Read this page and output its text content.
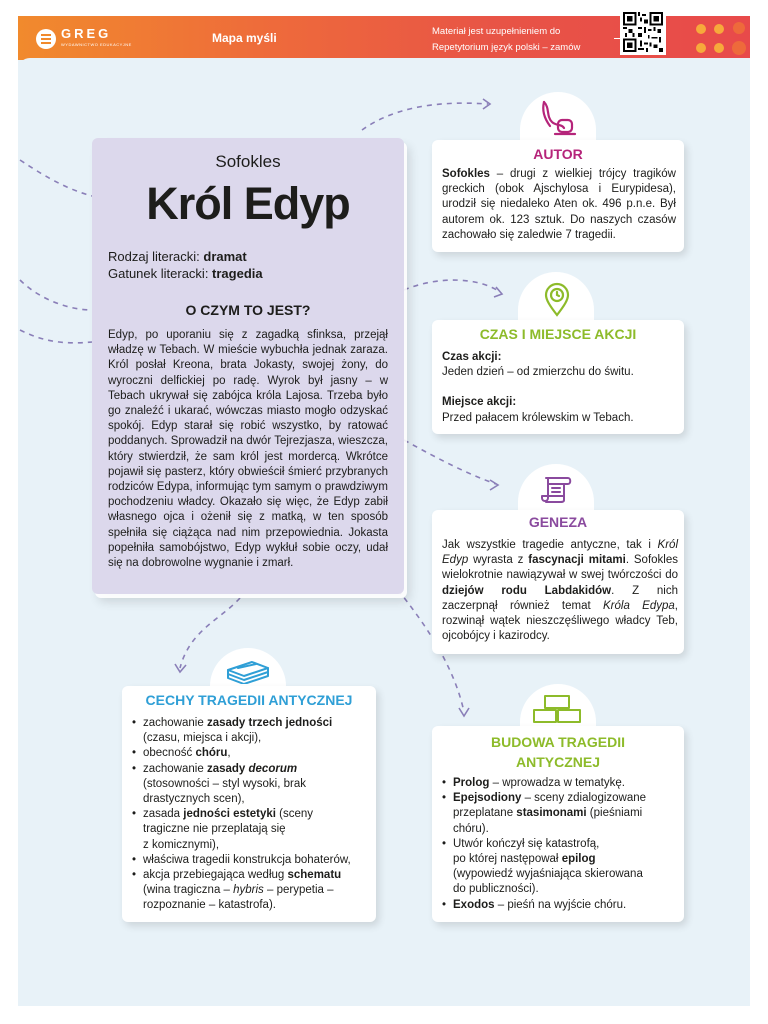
GREG
WYDAWNICTWO EDUKACYJNE	Mapa myśli	Materiał jest uzupełnieniem do
Repetytorium język polski – zamów
Sofokles
Król Edyp
Rodzaj literacki: dramat
Gatunek literacki: tragedia
O CZYM TO JEST?
Edyp, po uporaniu się z zagadką sfinksa, przejął władzę w Tebach. W mieście wybuchła jednak zaraza. Król posłał Kreona, brata Jokasty, swojej żony, do wyroczni delfickiej po radę. Wyrok był jasny – w Tebach ukrywał się zabójca króla Lajosa. Trzeba było go znaleźć i ukarać, wówczas miasto mogło odzyskać spokój. Edyp starał się robić wszystko, by ratować poddanych. Sprowadził na dwór Tejrezjasza, wieszcza, który stwierdził, że sam król jest mordercą. Wkrótce pojawił się pasterz, który obwieścił śmierć przybranych rodziców Edypa, informując tym samym o prawdziwym pochodzeniu władcy. Okazało się więc, że Edyp zabił własnego ojca i ożenił się z matką, w ten sposób spełniła się ciążąca nad nim przepowiednia. Jokasta popełniła samobójstwo, Edyp wykłuł sobie oczy, udał się na dobrowolne wygnanie i zmarł.
AUTOR
Sofokles – drugi z wielkiej trójcy tragików greckich (obok Ajschylosa i Eurypidesa), urodził się niedaleko Aten ok. 496 p.n.e. Był autorem ok. 123 sztuk. Do naszych czasów zachowało się zaledwie 7 tragedii.
CZAS I MIEJSCE AKCJI
Czas akcji:
Jeden dzień – od zmierzchu do świtu.
Miejsce akcji:
Przed pałacem królewskim w Tebach.
GENEZA
Jak wszystkie tragedie antyczne, tak i Król Edyp wyrasta z fascynacji mitami. Sofokles wielokrotnie nawiązywał w swej twórczości do dziejów rodu Labdakidów. Z nich zaczerpnął również temat Króla Edypa, rozwinął wątek nieszczęśliwego władcy Teb, ojcobójcy i kazirodcy.
CECHY TRAGEDII ANTYCZNEJ
• zachowanie zasady trzech jedności
(czasu, miejsca i akcji),
• obecność chóru,
• zachowanie zasady decorum
(stosowności – styl wysoki, brak drastycznych scen),
• zasada jedności estetyki (sceny
tragiczne nie przeplatają się
z komicznymi),
• właściwa tragedii konstrukcja bohaterów,
• akcja przebiegająca według schematu
(wina tragiczna – hybris – perypetia –
rozpoznanie – katastrofa).
BUDOWA TRAGEDII
ANTYCZNEJ
• Prolog – wprowadza w tematykę.
• Epejsodiony – sceny zdialogizowane
przeplatane stasimonami (pieśniami
chóru).
• Utwór kończył się katastrofą,
po której następował epilog
(wypowiedź wyjaśniająca skierowana
do publiczności).
• Exodos – pieśń na wyjście chóru.
